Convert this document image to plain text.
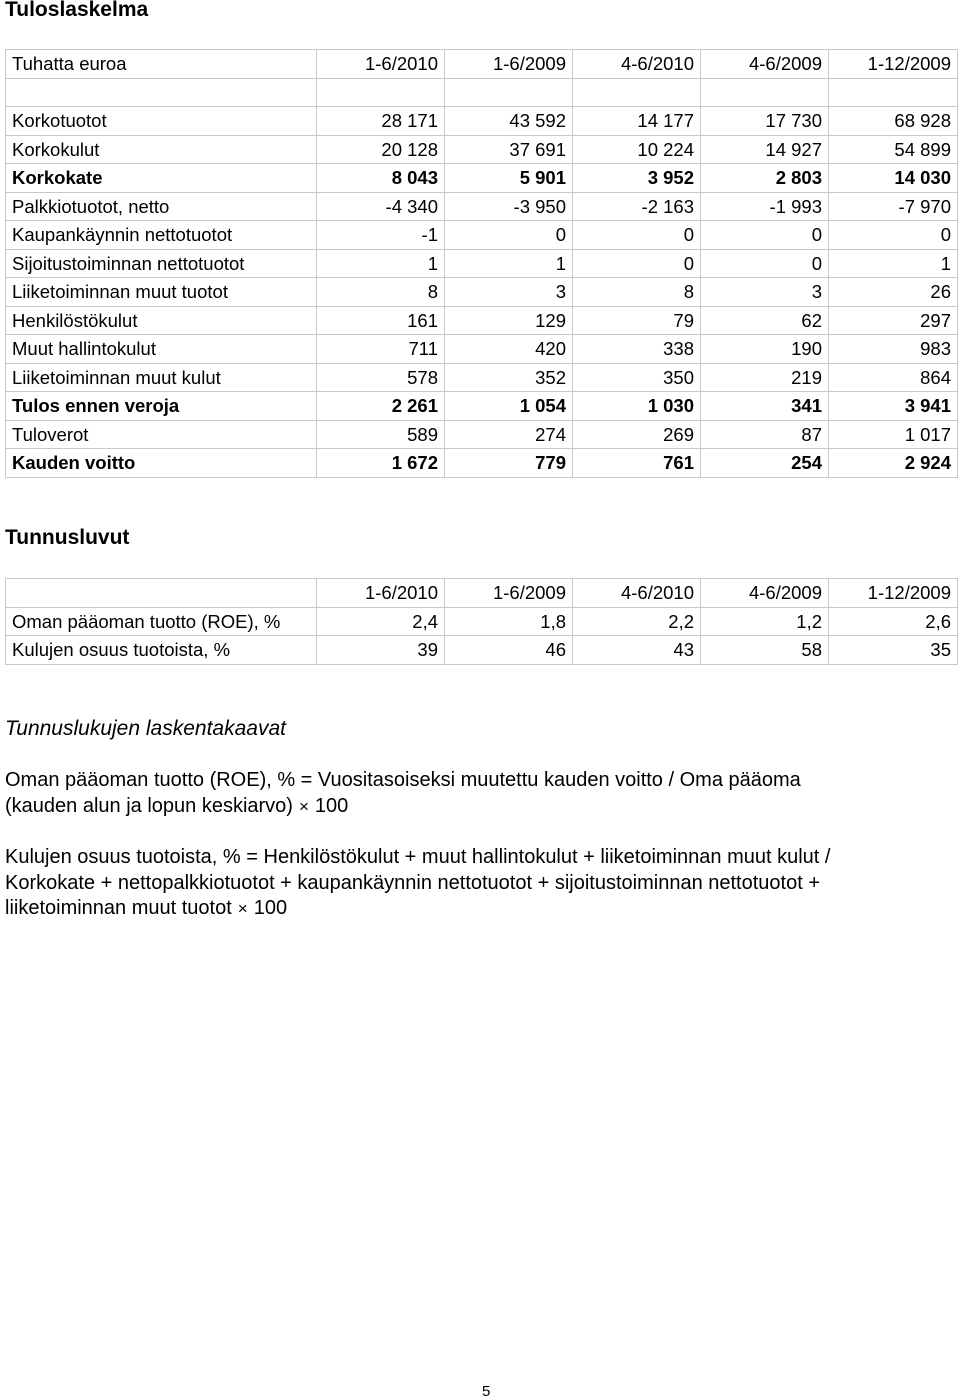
Tuloslaskelma
Tuhatta euroa	1-6/2010	1-6/2009	4-6/2010	4-6/2009	1-12/2009

Korkotuotot	28 171	43 592	14 177	17 730	68 928
Korkokulut	20 128	37 691	10 224	14 927	54 899
Korkokate	8 043	5 901	3 952	2 803	14 030
Palkkiotuotot, netto	-4 340	-3 950	-2 163	-1 993	-7 970
Kaupankäynnin nettotuotot	-1	0	0	0	0
Sijoitustoiminnan nettotuotot	1	1	0	0	1
Liiketoiminnan muut tuotot	8	3	8	3	26
Henkilöstökulut	161	129	79	62	297
Muut hallintokulut	711	420	338	190	983
Liiketoiminnan muut kulut	578	352	350	219	864
Tulos ennen veroja	2 261	1 054	1 030	341	3 941
Tuloverot	589	274	269	87	1 017
Kauden voitto	1 672	779	761	254	2 924
Tunnusluvut
	1-6/2010	1-6/2009	4-6/2010	4-6/2009	1-12/2009
Oman pääoman tuotto (ROE), %	2,4	1,8	2,2	1,2	2,6
Kulujen osuus tuotoista, %	39	46	43	58	35
Tunnuslukujen laskentakaavat
Oman pääoman tuotto (ROE), % = Vuositasoiseksi muutettu kauden voitto / Oma pääoma
(kauden alun ja lopun keskiarvo) × 100
Kulujen osuus tuotoista, % = Henkilöstökulut + muut hallintokulut + liiketoiminnan muut kulut /
Korkokate + nettopalkkiotuotot + kaupankäynnin nettotuotot + sijoitustoiminnan nettotuotot +
liiketoiminnan muut tuotot × 100
5
